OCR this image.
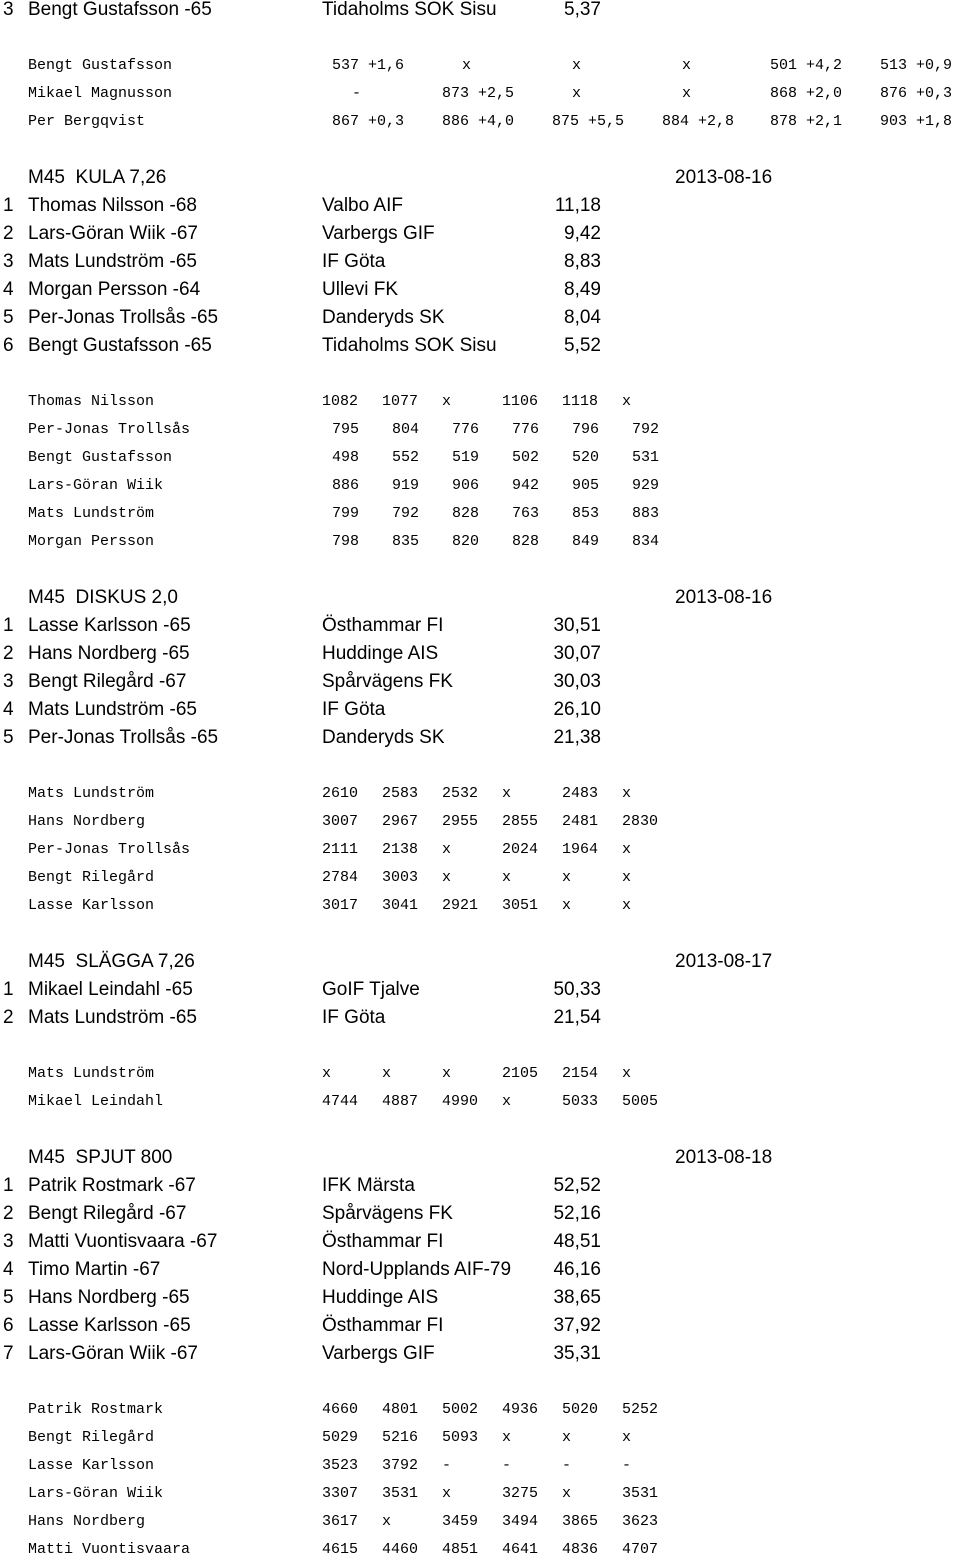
3 Bengt Gustafsson -65	Tidaholms SOK Sisu	5,37
Bengt Gustafsson	537 +1,6	x	x	x	501 +4,2	513 +0,9
Mikael Magnusson	-	873 +2,5	x	x	868 +2,0	876 +0,3
Per Bergqvist	867 +0,3	886 +4,0	875 +5,5	884 +2,8 878 +2,1	903 +1,8
M45  KULA 7,26	2013-08-16
1 Thomas Nilsson -68	Valbo AIF	11,18
2 Lars-Göran Wiik -67	Varbergs GIF	9,42
3 Mats Lundström -65	IF Göta	8,83
4 Morgan Persson -64	Ullevi FK	8,49
5 Per-Jonas Trollsås -65	Danderyds SK	8,04
6 Bengt Gustafsson -65	Tidaholms SOK Sisu	5,52
Thomas Nilsson	1082 1077 x	1106 1118 x
Per-Jonas Trollsås	795 804 776 776 796 792
Bengt Gustafsson	498 552 519 502 520 531
Lars-Göran Wiik	886 919 906 942 905 929
Mats Lundström	799 792 828 763 853 883
Morgan Persson	798 835 820 828 849 834
M45  DISKUS 2,0	2013-08-16
1 Lasse Karlsson -65	Östhammar FI	30,51
2 Hans Nordberg -65	Huddinge AIS	30,07
3 Bengt Rilegård -67	Spårvägens FK	30,03
4 Mats Lundström -65	IF Göta	26,10
5 Per-Jonas Trollsås -65	Danderyds SK	21,38
Mats Lundström	2610 2583 2532 x	2483 x
Hans Nordberg	3007 2967 2955 2855 2481 2830
Per-Jonas Trollsås	2111 2138 x	2024 1964 x
Bengt Rilegård	2784 3003 x	x	x	x
Lasse Karlsson	3017 3041 2921 3051 x	x
M45  SLÄGGA 7,26	2013-08-17
1 Mikael Leindahl -65	GoIF Tjalve	50,33
2 Mats Lundström -65	IF Göta	21,54
Mats Lundström	x	x	x	2105 2154 x
Mikael Leindahl	4744 4887 4990 x	5033 5005
M45  SPJUT 800	2013-08-18
1 Patrik Rostmark -67	IFK Märsta	52,52
2 Bengt Rilegård -67	Spårvägens FK	52,16
3 Matti Vuontisvaara -67	Östhammar FI	48,51
4 Timo Martin -67	Nord-Upplands AIF-79 46,16
5 Hans Nordberg -65	Huddinge AIS	38,65
6 Lasse Karlsson -65	Östhammar FI	37,92
7 Lars-Göran Wiik -67	Varbergs GIF	35,31
Patrik Rostmark	4660 4801 5002 4936 5020 5252
Bengt Rilegård	5029 5216 5093 x	x	x
Lasse Karlsson	3523 3792 -	-	-	-
Lars-Göran Wiik	3307 3531 x	3275 x	3531
Hans Nordberg	3617 x	3459 3494 3865 3623
Matti Vuontisvaara	4615 4460 4851 4641 4836 4707
